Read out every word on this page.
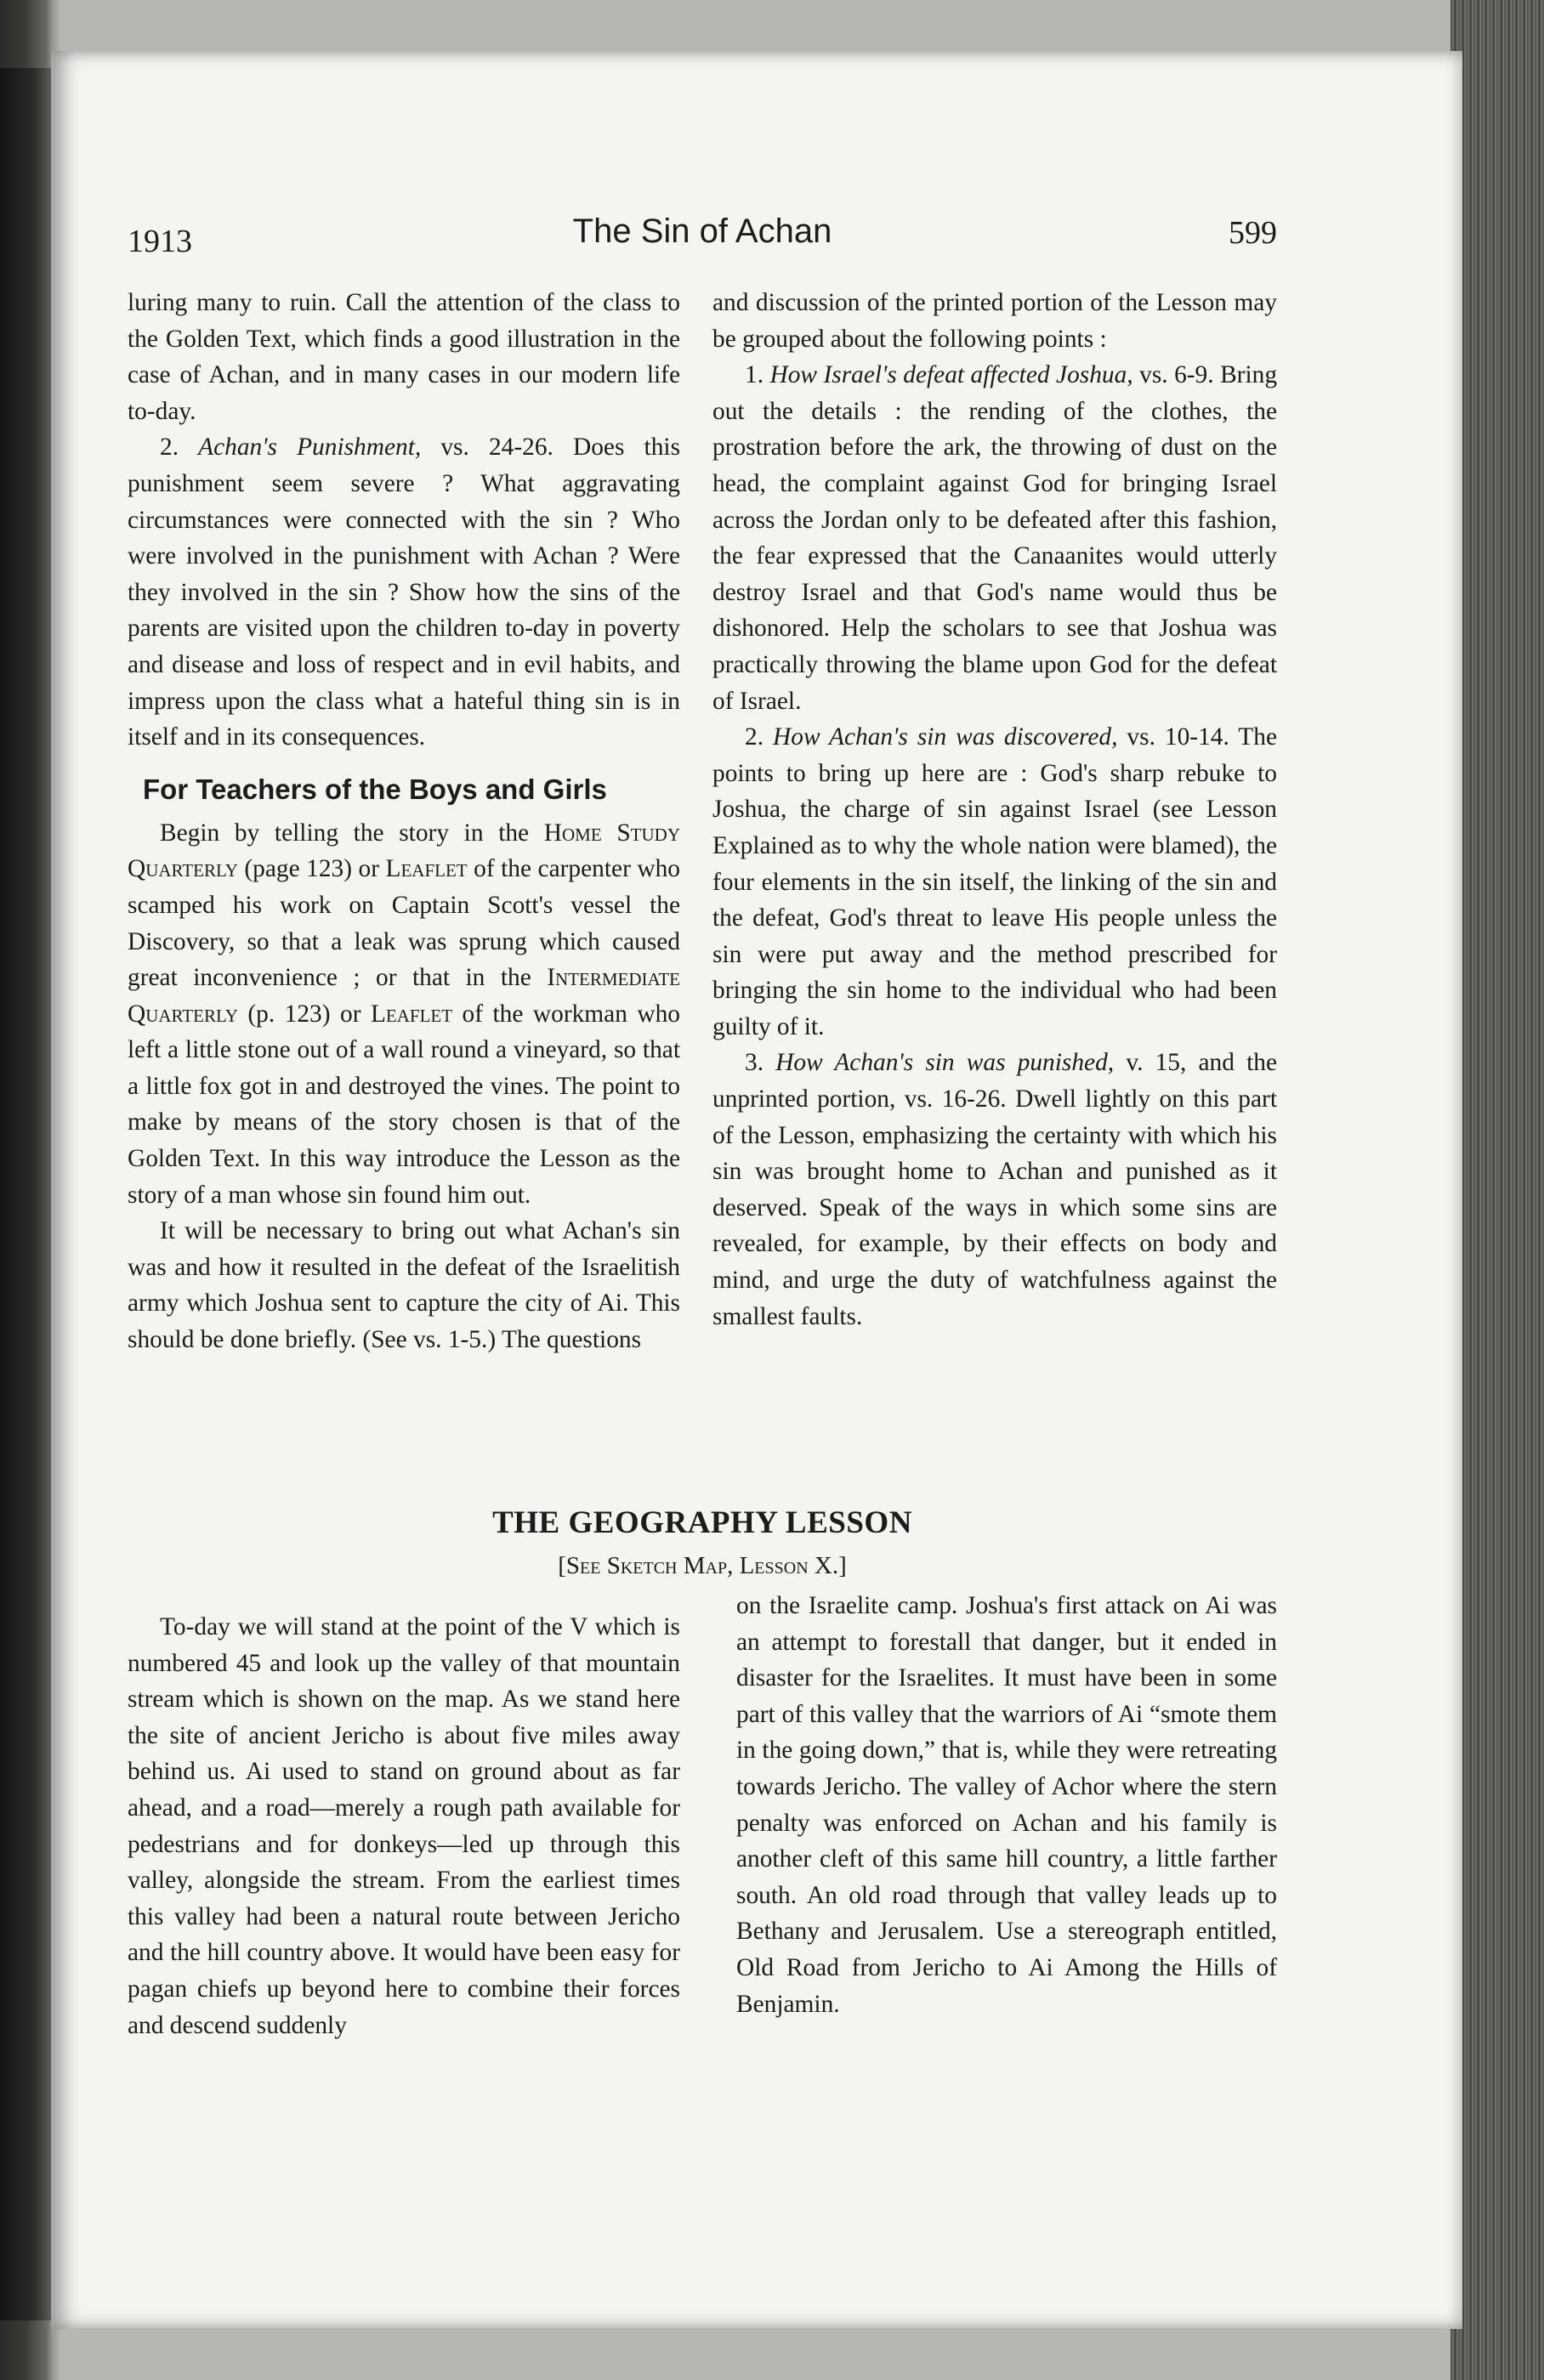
1913	The Sin of Achan	599

luring many to ruin. Call the attention of the class to the Golden Text, which finds a good illustration in the case of Achan, and in many cases in our modern life to-day.

2. Achan's Punishment, vs. 24-26. Does this punishment seem severe ? What aggravating circumstances were connected with the sin ? Who were involved in the punishment with Achan ? Were they involved in the sin ? Show how the sins of the parents are visited upon the children to-day in poverty and disease and loss of respect and in evil habits, and impress upon the class what a hateful thing sin is in itself and in its consequences.

For Teachers of the Boys and Girls

Begin by telling the story in the Home Study Quarterly (page 123) or Leaflet of the carpenter who scamped his work on Captain Scott's vessel the Discovery, so that a leak was sprung which caused great inconvenience ; or that in the Intermediate Quarterly (p. 123) or Leaflet of the workman who left a little stone out of a wall round a vineyard, so that a little fox got in and destroyed the vines. The point to make by means of the story chosen is that of the Golden Text. In this way introduce the Lesson as the story of a man whose sin found him out.

It will be necessary to bring out what Achan's sin was and how it resulted in the defeat of the Israelitish army which Joshua sent to capture the city of Ai. This should be done briefly. (See vs. 1-5.) The questions

and discussion of the printed portion of the Lesson may be grouped about the following points :

1. How Israel's defeat affected Joshua, vs. 6-9. Bring out the details : the rending of the clothes, the prostration before the ark, the throwing of dust on the head, the complaint against God for bringing Israel across the Jordan only to be defeated after this fashion, the fear expressed that the Canaanites would utterly destroy Israel and that God's name would thus be dishonored. Help the scholars to see that Joshua was practically throwing the blame upon God for the defeat of Israel.

2. How Achan's sin was discovered, vs. 10-14. The points to bring up here are : God's sharp rebuke to Joshua, the charge of sin against Israel (see Lesson Explained as to why the whole nation were blamed), the four elements in the sin itself, the linking of the sin and the defeat, God's threat to leave His people unless the sin were put away and the method prescribed for bringing the sin home to the individual who had been guilty of it.

3. How Achan's sin was punished, v. 15, and the unprinted portion, vs. 16-26. Dwell lightly on this part of the Lesson, emphasizing the certainty with which his sin was brought home to Achan and punished as it deserved. Speak of the ways in which some sins are revealed, for example, by their effects on body and mind, and urge the duty of watchfulness against the smallest faults.

THE GEOGRAPHY LESSON
[See Sketch Map, Lesson X.]

To-day we will stand at the point of the V which is numbered 45 and look up the valley of that mountain stream which is shown on the map. As we stand here the site of ancient Jericho is about five miles away behind us. Ai used to stand on ground about as far ahead, and a road—merely a rough path available for pedestrians and for donkeys—led up through this valley, alongside the stream. From the earliest times this valley had been a natural route between Jericho and the hill country above. It would have been easy for pagan chiefs up beyond here to combine their forces and descend suddenly

on the Israelite camp. Joshua's first attack on Ai was an attempt to forestall that danger, but it ended in disaster for the Israelites. It must have been in some part of this valley that the warriors of Ai “smote them in the going down,” that is, while they were retreating towards Jericho. The valley of Achor where the stern penalty was enforced on Achan and his family is another cleft of this same hill country, a little farther south. An old road through that valley leads up to Bethany and Jerusalem. Use a stereograph entitled, Old Road from Jericho to Ai Among the Hills of Benjamin.
